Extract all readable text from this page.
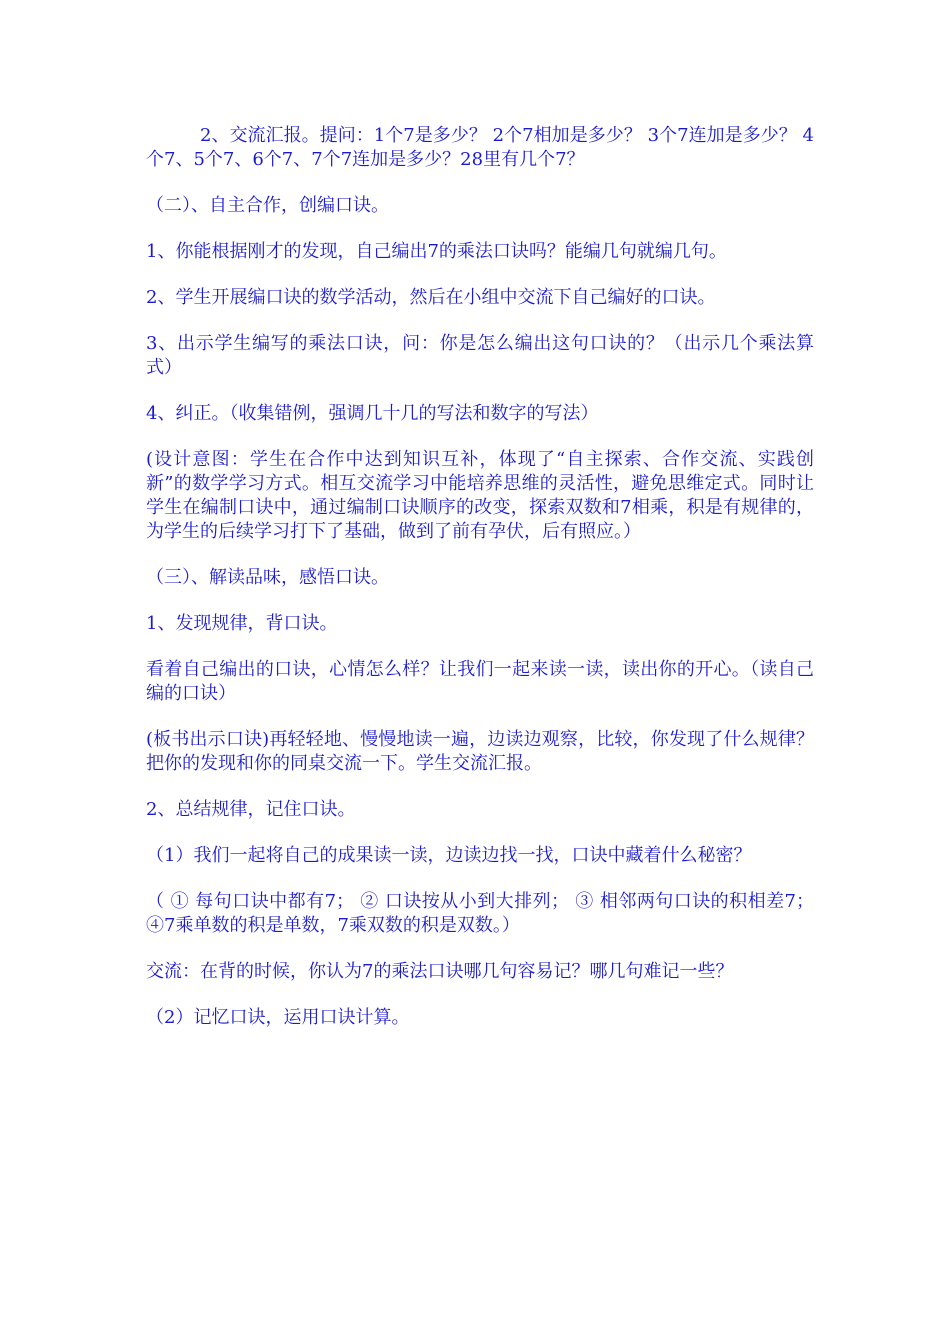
2、交流汇报。提问：1个7是多少？ 2个7相加是多少？ 3个7连加是多少？ 4个7、5个7、6个7、7个7连加是多少？28里有几个7？

（二）、自主合作，创编口诀。

1、你能根据刚才的发现，自己编出7的乘法口诀吗？能编几句就编几句。

2、学生开展编口诀的数学活动，然后在小组中交流下自己编好的口诀。

3、出示学生编写的乘法口诀，问：你是怎么编出这句口诀的？（出示几个乘法算式）

4、纠正。（收集错例，强调几十几的写法和数字的写法）

(设计意图：学生在合作中达到知识互补，体现了“自主探索、合作交流、实践创新”的数学学习方式。相互交流学习中能培养思维的灵活性，避免思维定式。同时让学生在编制口诀中，通过编制口诀顺序的改变，探索双数和7相乘，积是有规律的，为学生的后续学习打下了基础，做到了前有孕伏，后有照应。）

（三）、解读品味，感悟口诀。

1、发现规律，背口诀。

看着自己编出的口诀，心情怎么样？让我们一起来读一读，读出你的开心。（读自己编的口诀）

(板书出示口诀)再轻轻地、慢慢地读一遍，边读边观察，比较，你发现了什么规律？把你的发现和你的同桌交流一下。学生交流汇报。

2、总结规律，记住口诀。

（1）我们一起将自己的成果读一读，边读边找一找，口诀中藏着什么秘密？

（ ① 每句口诀中都有7； ② 口诀按从小到大排列； ③ 相邻两句口诀的积相差7；④7乘单数的积是单数，7乘双数的积是双数。）

交流：在背的时候，你认为7的乘法口诀哪几句容易记？哪几句难记一些？

（2）记忆口诀，运用口诀计算。
